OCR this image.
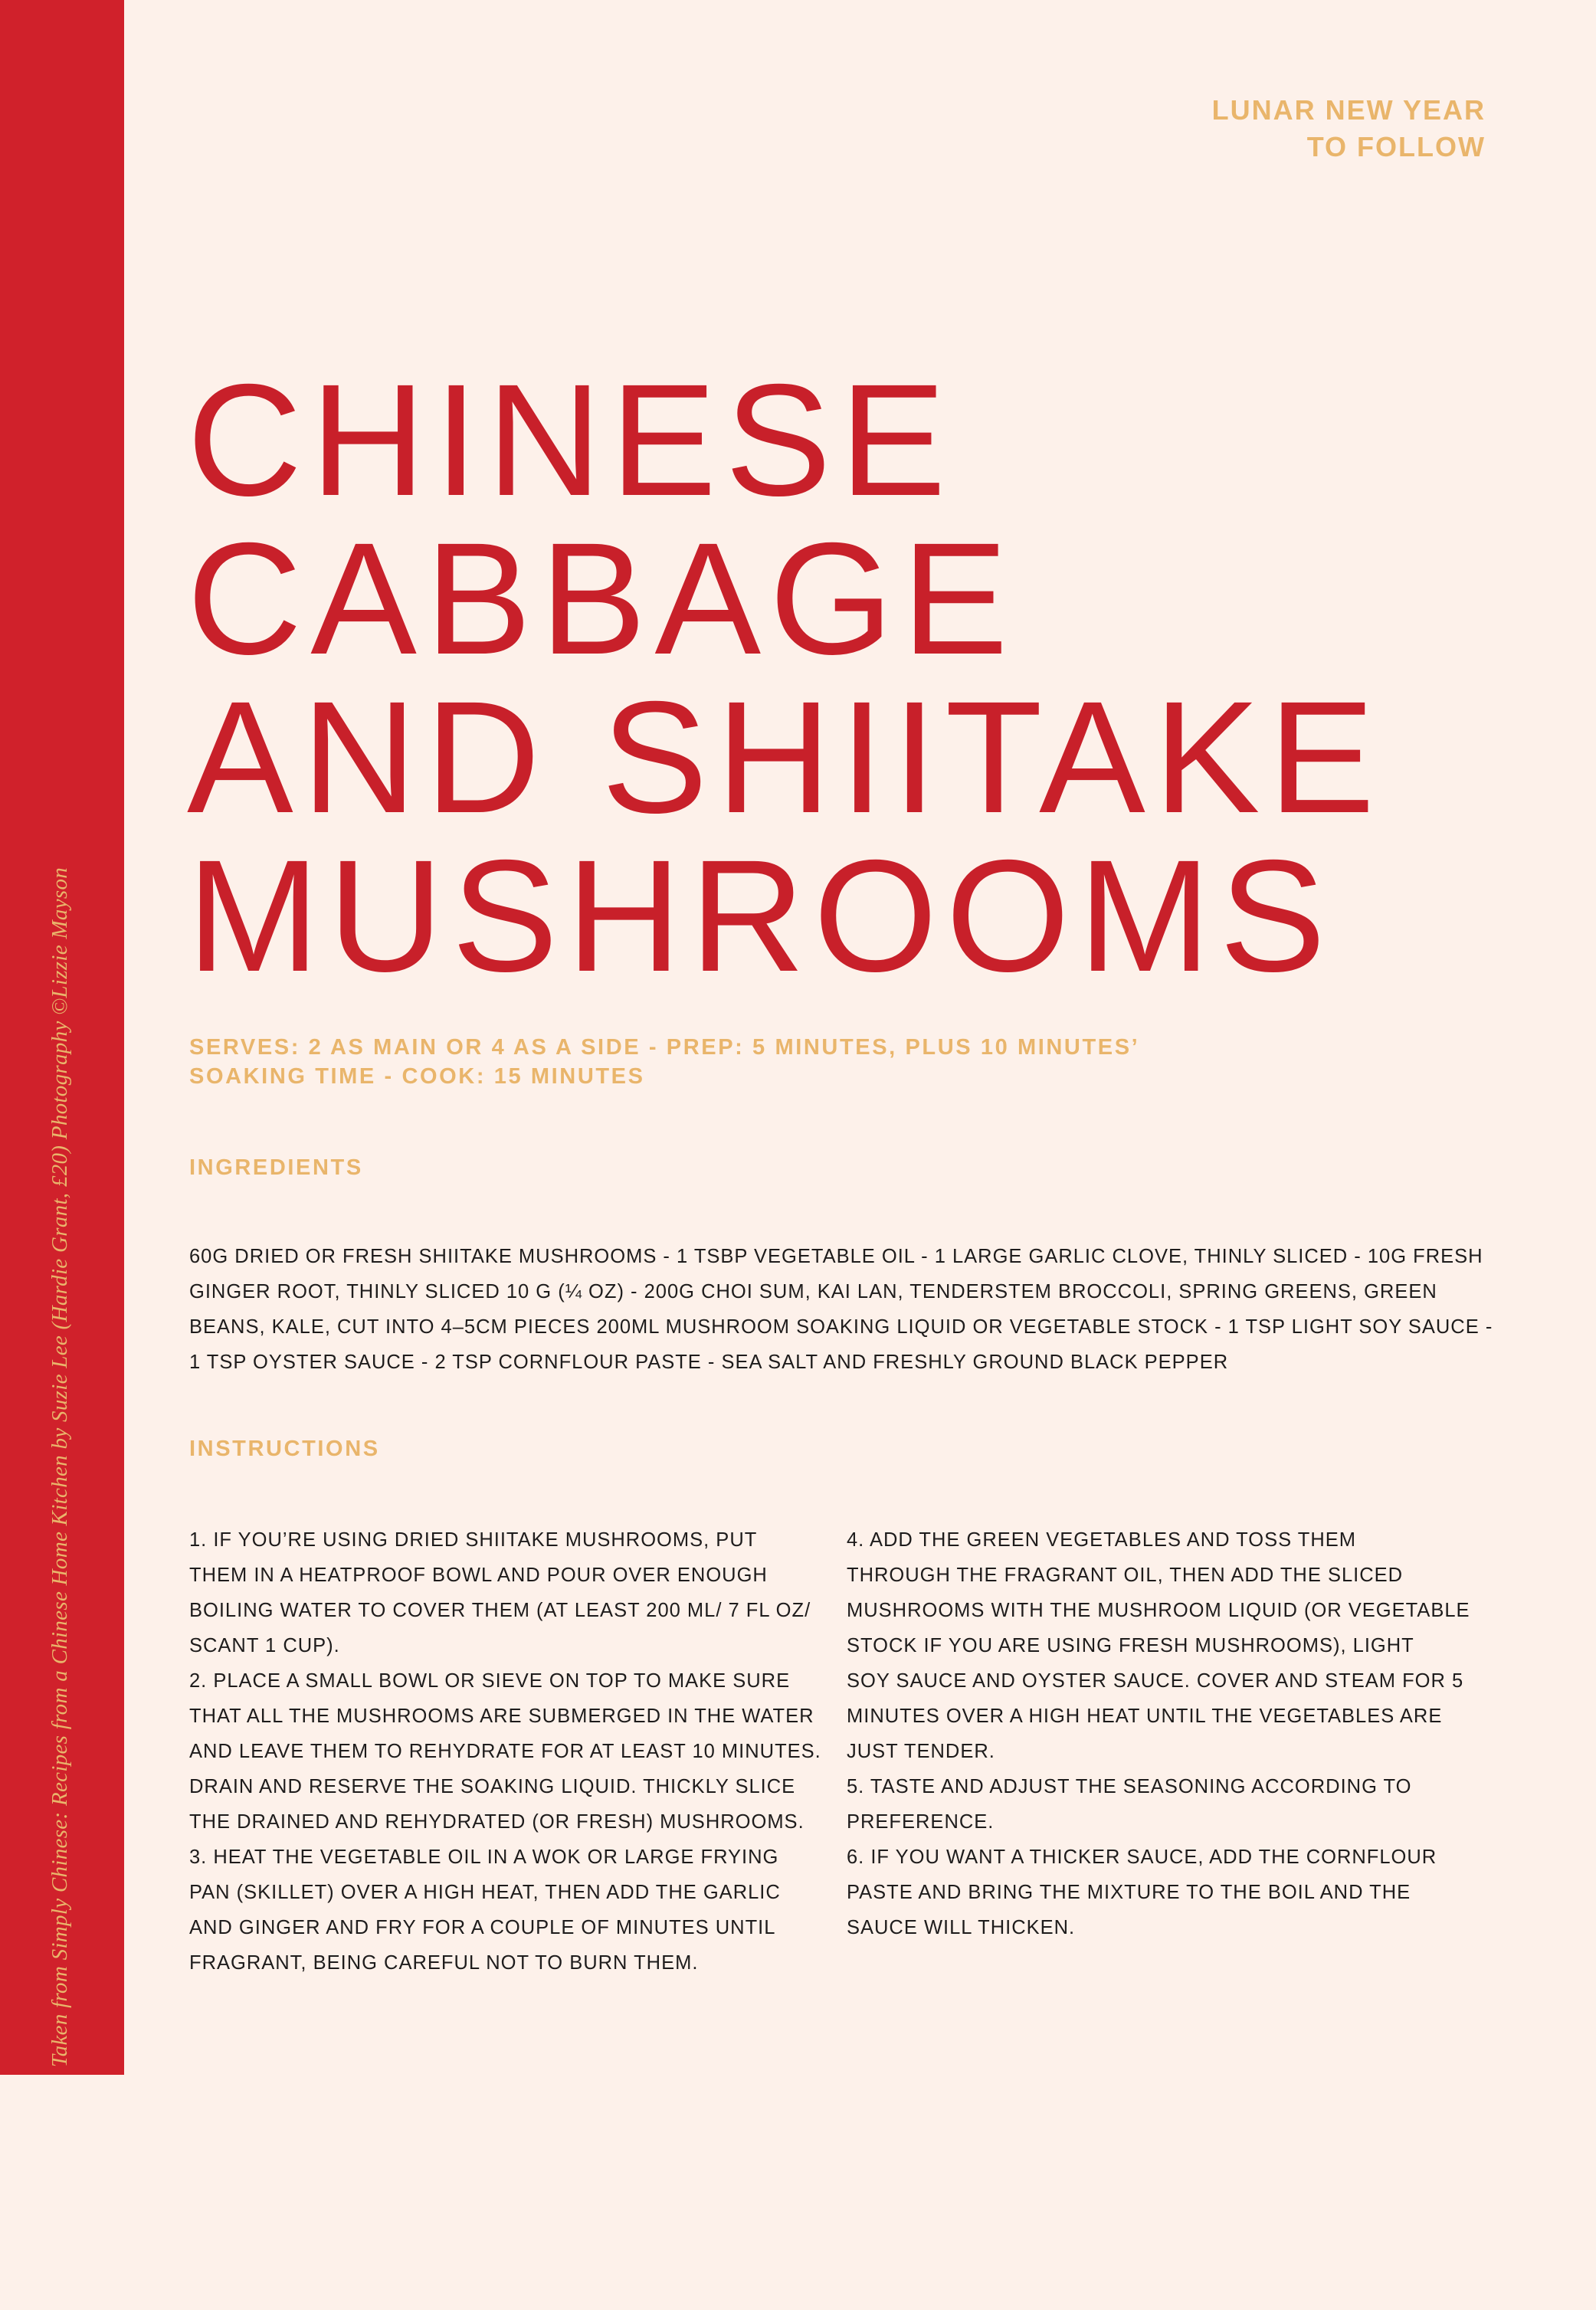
Taken from Simply Chinese: Recipes from a Chinese Home Kitchen by Suzie Lee (Hardie Grant, £20) Photography ©Lizzie Mayson
LUNAR NEW YEAR
TO FOLLOW
CHINESE
CABBAGE
AND SHIITAKE
MUSHROOMS
SERVES: 2 AS MAIN OR 4 AS A SIDE - PREP: 5 MINUTES, PLUS 10 MINUTES’
SOAKING TIME - COOK: 15 MINUTES
INGREDIENTS
60G DRIED OR FRESH SHIITAKE MUSHROOMS - 1 TSBP VEGETABLE OIL - 1 LARGE GARLIC CLOVE, THINLY SLICED - 10G FRESH
GINGER ROOT, THINLY SLICED 10 G (¼ OZ) - 200G CHOI SUM, KAI LAN, TENDERSTEM BROCCOLI, SPRING GREENS, GREEN
BEANS, KALE, CUT INTO 4–5CM PIECES 200ML MUSHROOM SOAKING LIQUID OR VEGETABLE STOCK - 1 TSP LIGHT SOY SAUCE -
1 TSP OYSTER SAUCE - 2 TSP CORNFLOUR PASTE - SEA SALT AND FRESHLY GROUND BLACK PEPPER
INSTRUCTIONS
1. IF YOU’RE USING DRIED SHIITAKE MUSHROOMS, PUT
THEM IN A HEATPROOF BOWL AND POUR OVER ENOUGH
BOILING WATER TO COVER THEM (AT LEAST 200 ML/ 7 FL OZ/
SCANT 1 CUP).
2. PLACE A SMALL BOWL OR SIEVE ON TOP TO MAKE SURE
THAT ALL THE MUSHROOMS ARE SUBMERGED IN THE WATER
AND LEAVE THEM TO REHYDRATE FOR AT LEAST 10 MINUTES.
DRAIN AND RESERVE THE SOAKING LIQUID. THICKLY SLICE
THE DRAINED AND REHYDRATED (OR FRESH) MUSHROOMS.
3. HEAT THE VEGETABLE OIL IN A WOK OR LARGE FRYING
PAN (SKILLET) OVER A HIGH HEAT, THEN ADD THE GARLIC
AND GINGER AND FRY FOR A COUPLE OF MINUTES UNTIL
FRAGRANT, BEING CAREFUL NOT TO BURN THEM.
4. ADD THE GREEN VEGETABLES AND TOSS THEM
THROUGH THE FRAGRANT OIL, THEN ADD THE SLICED
MUSHROOMS WITH THE MUSHROOM LIQUID (OR VEGETABLE
STOCK IF YOU ARE USING FRESH MUSHROOMS), LIGHT
SOY SAUCE AND OYSTER SAUCE. COVER AND STEAM FOR 5
MINUTES OVER A HIGH HEAT UNTIL THE VEGETABLES ARE
JUST TENDER.
5. TASTE AND ADJUST THE SEASONING ACCORDING TO
PREFERENCE.
6. IF YOU WANT A THICKER SAUCE, ADD THE CORNFLOUR
PASTE AND BRING THE MIXTURE TO THE BOIL AND THE
SAUCE WILL THICKEN.
